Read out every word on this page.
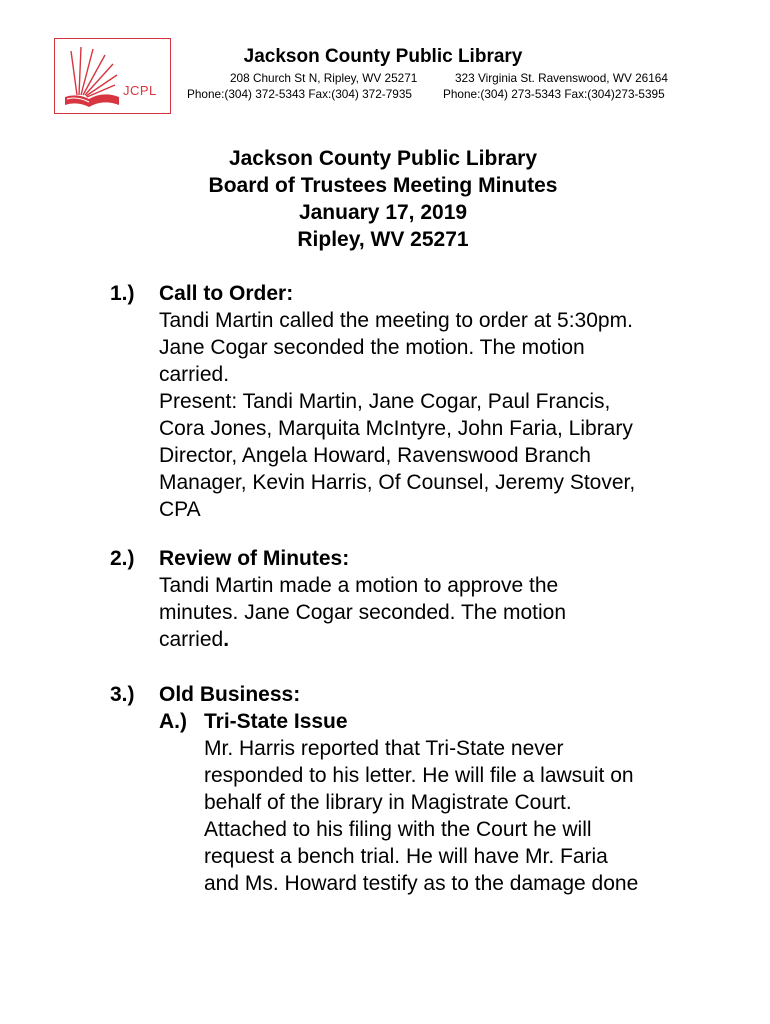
JCPL
Jackson County Public Library
208 Church St N, Ripley, WV 25271	323 Virginia St. Ravenswood, WV 26164
Phone:(304) 372-5343 Fax:(304) 372-7935	Phone:(304) 273-5343 Fax:(304)273-5395
Jackson County Public Library
Board of Trustees Meeting Minutes
January 17, 2019
Ripley, WV 25271
1.) Call to Order:
Tandi Martin called the meeting to order at 5:30pm.
Jane Cogar seconded the motion. The motion
carried.
Present: Tandi Martin, Jane Cogar, Paul Francis,
Cora Jones, Marquita McIntyre, John Faria, Library
Director, Angela Howard, Ravenswood Branch
Manager, Kevin Harris, Of Counsel, Jeremy Stover,
CPA
2.) Review of Minutes:
Tandi Martin made a motion to approve the
minutes. Jane Cogar seconded. The motion
carried.
3.) Old Business:
A.) Tri-State Issue
Mr. Harris reported that Tri-State never
responded to his letter. He will file a lawsuit on
behalf of the library in Magistrate Court.
Attached to his filing with the Court he will
request a bench trial. He will have Mr. Faria
and Ms. Howard testify as to the damage done
